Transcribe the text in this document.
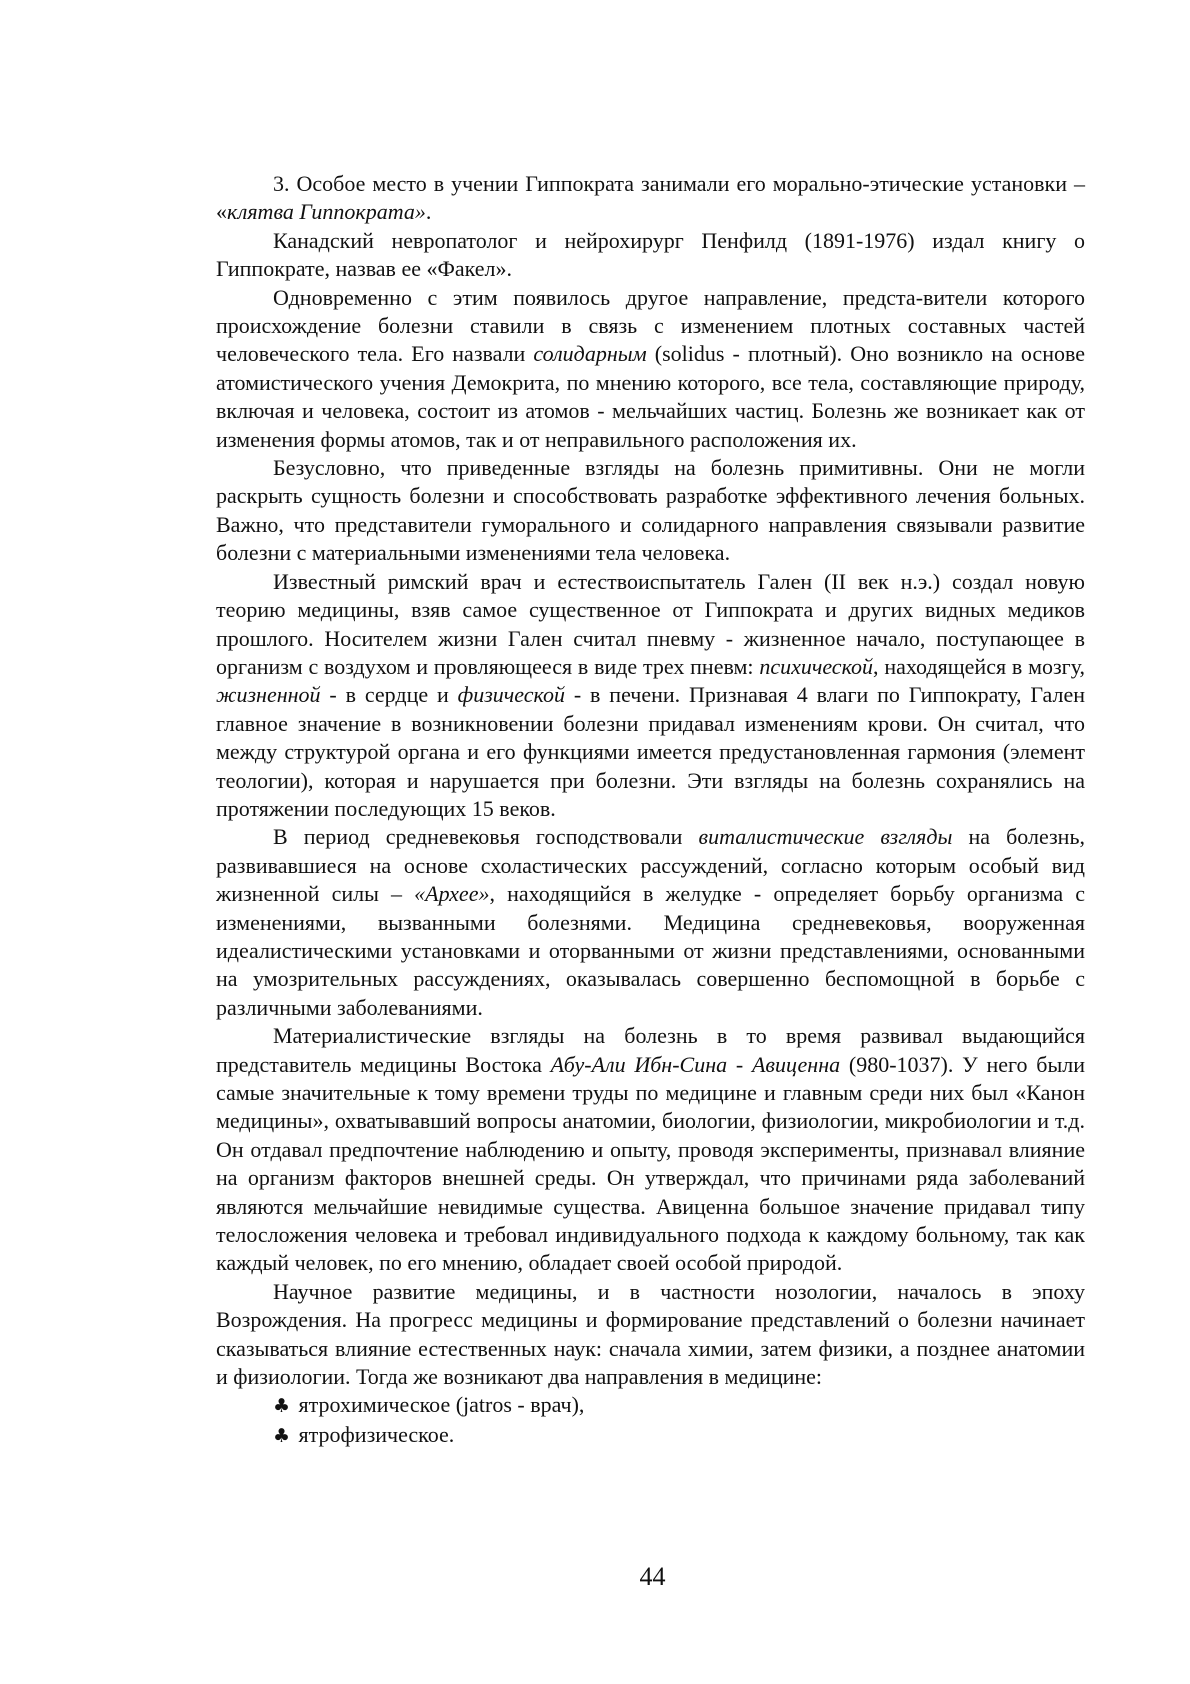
3. Особое место в учении Гиппократа занимали его морально-этические установки – «клятва Гиппократа».

Канадский невропатолог и нейрохирург Пенфилд (1891-1976) издал книгу о Гиппократе, назвав ее «Факел».

Одновременно с этим появилось другое направление, предста-вители которого происхождение болезни ставили в связь с изменением плотных составных частей человеческого тела. Его назвали солидарным (solidus - плотный). Оно возникло на основе атомистического учения Демокрита, по мнению которого, все тела, составляющие природу, включая и человека, состоит из атомов - мельчайших частиц. Болезнь же возникает как от изменения формы атомов, так и от неправильного расположения их.

Безусловно, что приведенные взгляды на болезнь примитивны. Они не могли раскрыть сущность болезни и способствовать разработке эффективного лечения больных. Важно, что представители гуморального и солидарного направления связывали развитие болезни с материальными изменениями тела человека.

Известный римский врач и естествоиспытатель Гален (II век н.э.) создал новую теорию медицины, взяв самое существенное от Гиппократа и других видных медиков прошлого. Носителем жизни Гален считал пневму - жизненное начало, поступающее в организм с воздухом и провляющееся в виде трех пневм: психической, находящейся в мозгу, жизненной - в сердце и физической - в печени. Признавая 4 влаги по Гиппократу, Гален главное значение в возникновении болезни придавал изменениям крови. Он считал, что между структурой органа и его функциями имеется предустановленная гармония (элемент теологии), которая и нарушается при болезни. Эти взгляды на болезнь сохранялись на протяжении последующих 15 веков.

В период средневековья господствовали виталистические взгляды на болезнь, развивавшиеся на основе схоластических рассуждений, согласно которым особый вид жизненной силы – «Архее», находящийся в желудке - определяет борьбу организма с изменениями, вызванными болезнями. Медицина средневековья, вооруженная идеалистическими установками и оторванными от жизни представлениями, основанными на умозрительных рассуждениях, оказывалась совершенно беспомощной в борьбе с различными заболеваниями.

Материалистические взгляды на болезнь в то время развивал выдающийся представитель медицины Востока Абу-Али Ибн-Сина - Авиценна (980-1037). У него были самые значительные к тому времени труды по медицине и главным среди них был «Канон медицины», охватывавший вопросы анатомии, биологии, физиологии, микробиологии и т.д. Он отдавал предпочтение наблюдению и опыту, проводя эксперименты, признавал влияние на организм факторов внешней среды. Он утверждал, что причинами ряда заболеваний являются мельчайшие невидимые существа. Авиценна большое значение придавал типу телосложения человека и требовал индивидуального подхода к каждому больному, так как каждый человек, по его мнению, обладает своей особой природой.

Научное развитие медицины, и в частности нозологии, началось в эпоху Возрождения. На прогресс медицины и формирование представлений о болезни начинает сказываться влияние естественных наук: сначала химии, затем физики, а позднее анатомии и физиологии. Тогда же возникают два направления в медицине:

♣ ятрохимическое (jatros - врач),

♣ ятрофизическое.

44
